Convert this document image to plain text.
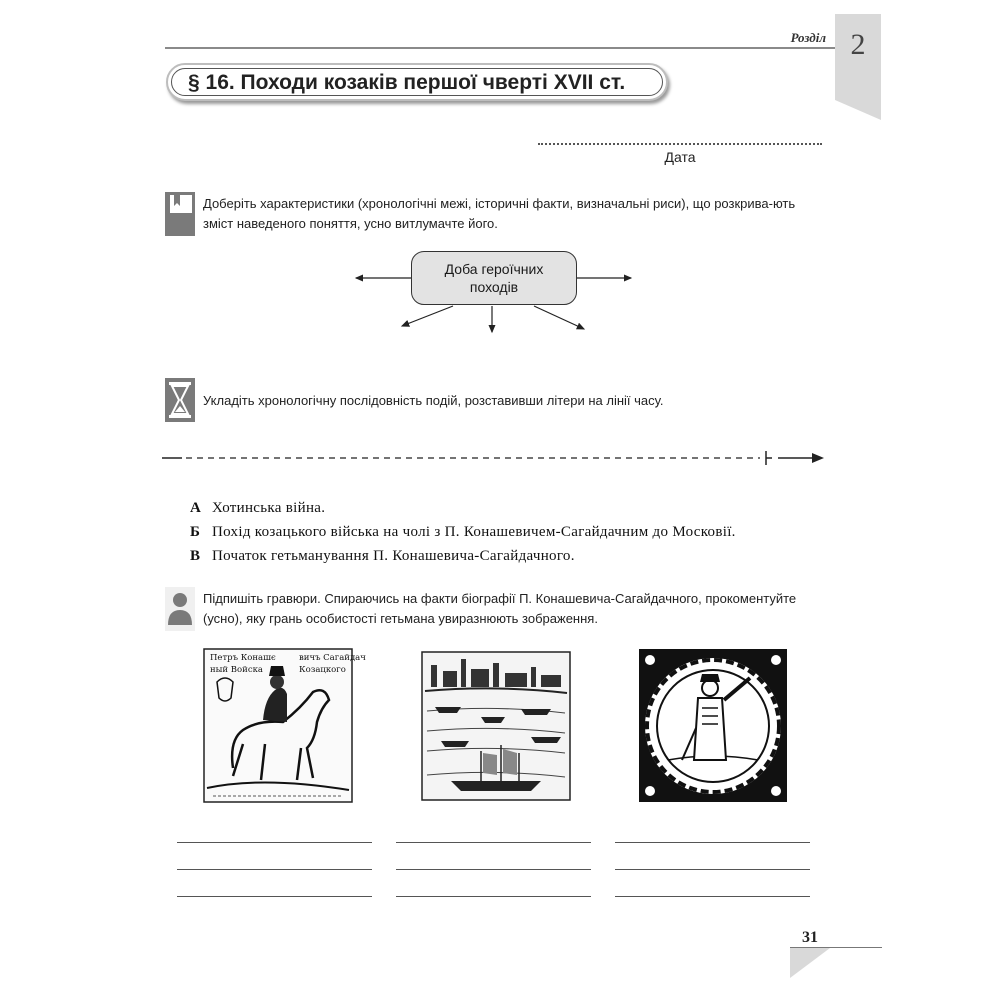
Розділ 2
§ 16. Походи козаків першої чверті XVII ст.
Дата
Доберіть характеристики (хронологічні межі, історичні факти, визначальні риси), що розкрива-ють зміст наведеного поняття, усно витлумачте його.
Доба героїчних походів
Укладіть хронологічну послідовність подій, розставивши літери на лінії часу.
А Хотинська війна.
Б Похід козацького війська на чолі з П. Конашевичем-Сагайдачним до Московії.
В Початок гетьманування П. Конашевича-Сагайдачного.
Підпишіть гравюри. Спираючись на факти біографії П. Конашевича-Сагайдачного, прокоментуйте (усно), яку грань особистості гетьмана увиразнюють зображення.
Петръ Конашє
ный Войска
вичъ Сагайдач
Козацкого
31
